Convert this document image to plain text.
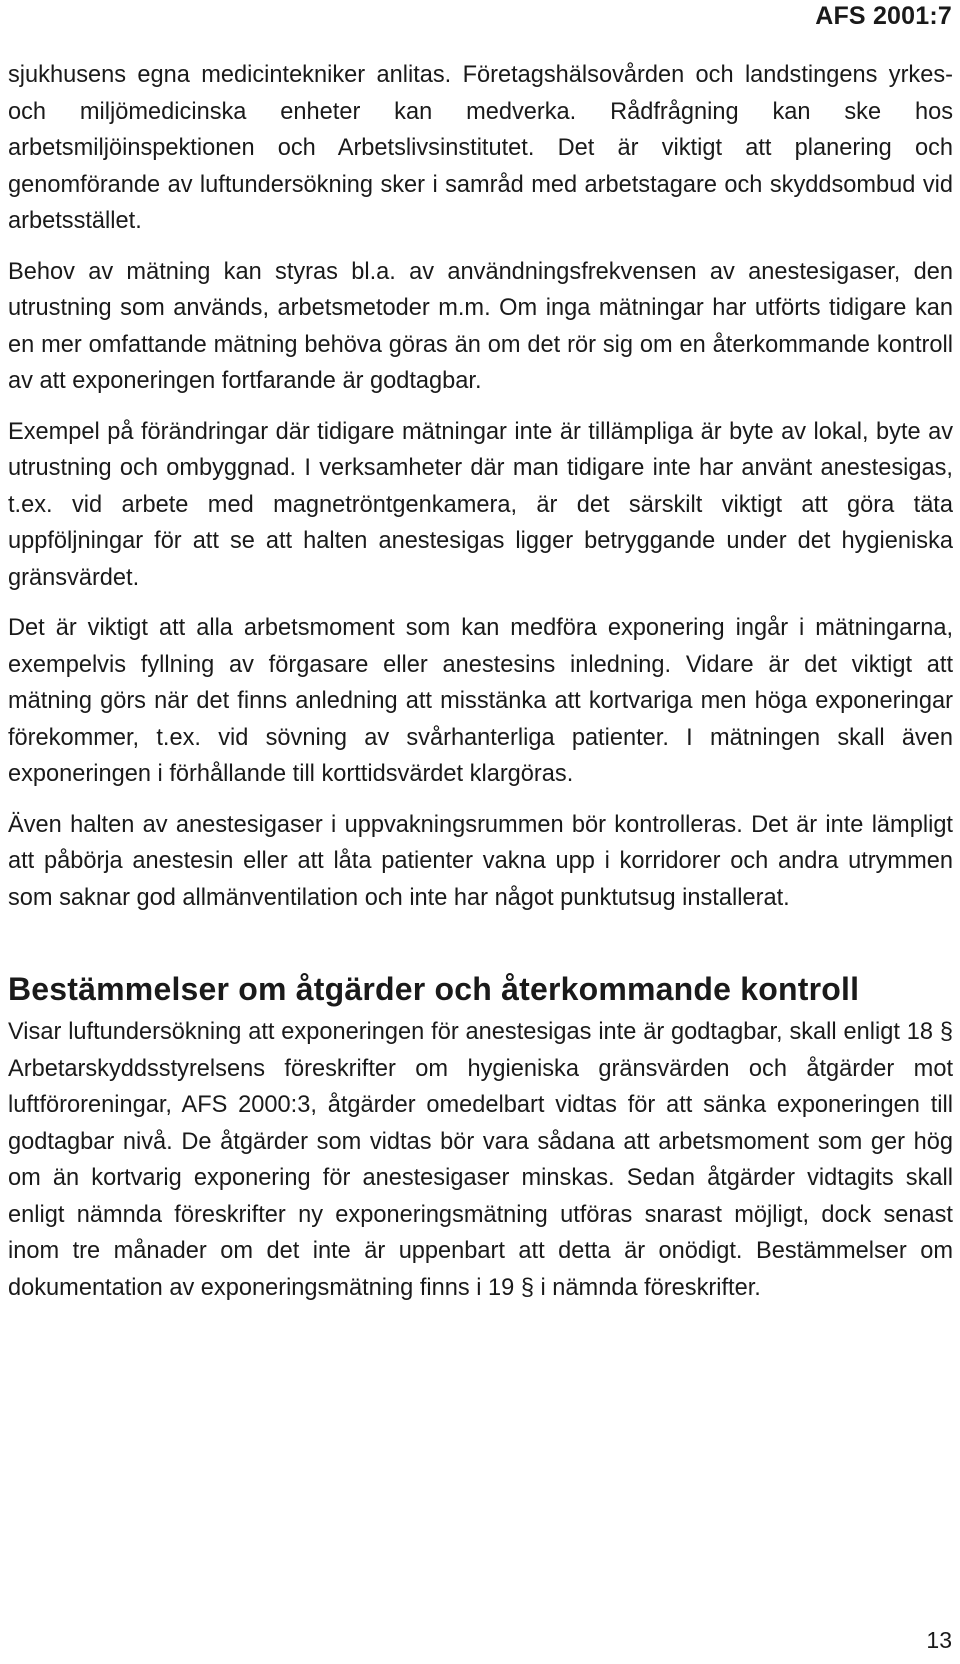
AFS 2001:7

sjukhusens egna medicintekniker anlitas. Företagshälsovården och landstingens yrkes- och miljömedicinska enheter kan medverka. Rådfrågning kan ske hos arbetsmiljöinspektionen och Arbetslivsinstitutet. Det är viktigt att planering och genomförande av luftundersökning sker i samråd med arbetstagare och skyddsombud vid arbetsstället.

Behov av mätning kan styras bl.a. av användningsfrekvensen av anestesigaser, den utrustning som används, arbetsmetoder m.m. Om inga mätningar har utförts tidigare kan en mer omfattande mätning behöva göras än om det rör sig om en återkommande kontroll av att exponeringen fortfarande är godtagbar.

Exempel på förändringar där tidigare mätningar inte är tillämpliga är byte av lokal, byte av utrustning och ombyggnad. I verksamheter där man tidigare inte har använt anestesigas, t.ex. vid arbete med magnetröntgenkamera, är det särskilt viktigt att göra täta uppföljningar för att se att halten anestesigas ligger betryggande under det hygieniska gränsvärdet.

Det är viktigt att alla arbetsmoment som kan medföra exponering ingår i mätningarna, exempelvis fyllning av förgasare eller anestesins inledning. Vidare är det viktigt att mätning görs när det finns anledning att misstänka att kortvariga men höga exponeringar förekommer, t.ex. vid sövning av svårhanterliga patienter. I mätningen skall även exponeringen i förhållande till korttidsvärdet klargöras.

Även halten av anestesigaser i uppvakningsrummen bör kontrolleras. Det är inte lämpligt att påbörja anestesin eller att låta patienter vakna upp i korridorer och andra utrymmen som saknar god allmänventilation och inte har något punktutsug installerat.

Bestämmelser om åtgärder och återkommande kontroll

Visar luftundersökning att exponeringen för anestesigas inte är godtagbar, skall enligt 18 § Arbetarskyddsstyrelsens föreskrifter om hygieniska gränsvärden och åtgärder mot luftföroreningar, AFS 2000:3, åtgärder omedelbart vidtas för att sänka exponeringen till godtagbar nivå. De åtgärder som vidtas bör vara sådana att arbetsmoment som ger hög om än kortvarig exponering för anestesigaser minskas. Sedan åtgärder vidtagits skall enligt nämnda föreskrifter ny exponeringsmätning utföras snarast möjligt, dock senast inom tre månader om det inte är uppenbart att detta är onödigt. Bestämmelser om dokumentation av exponeringsmätning finns i 19 § i nämnda föreskrifter.

13
